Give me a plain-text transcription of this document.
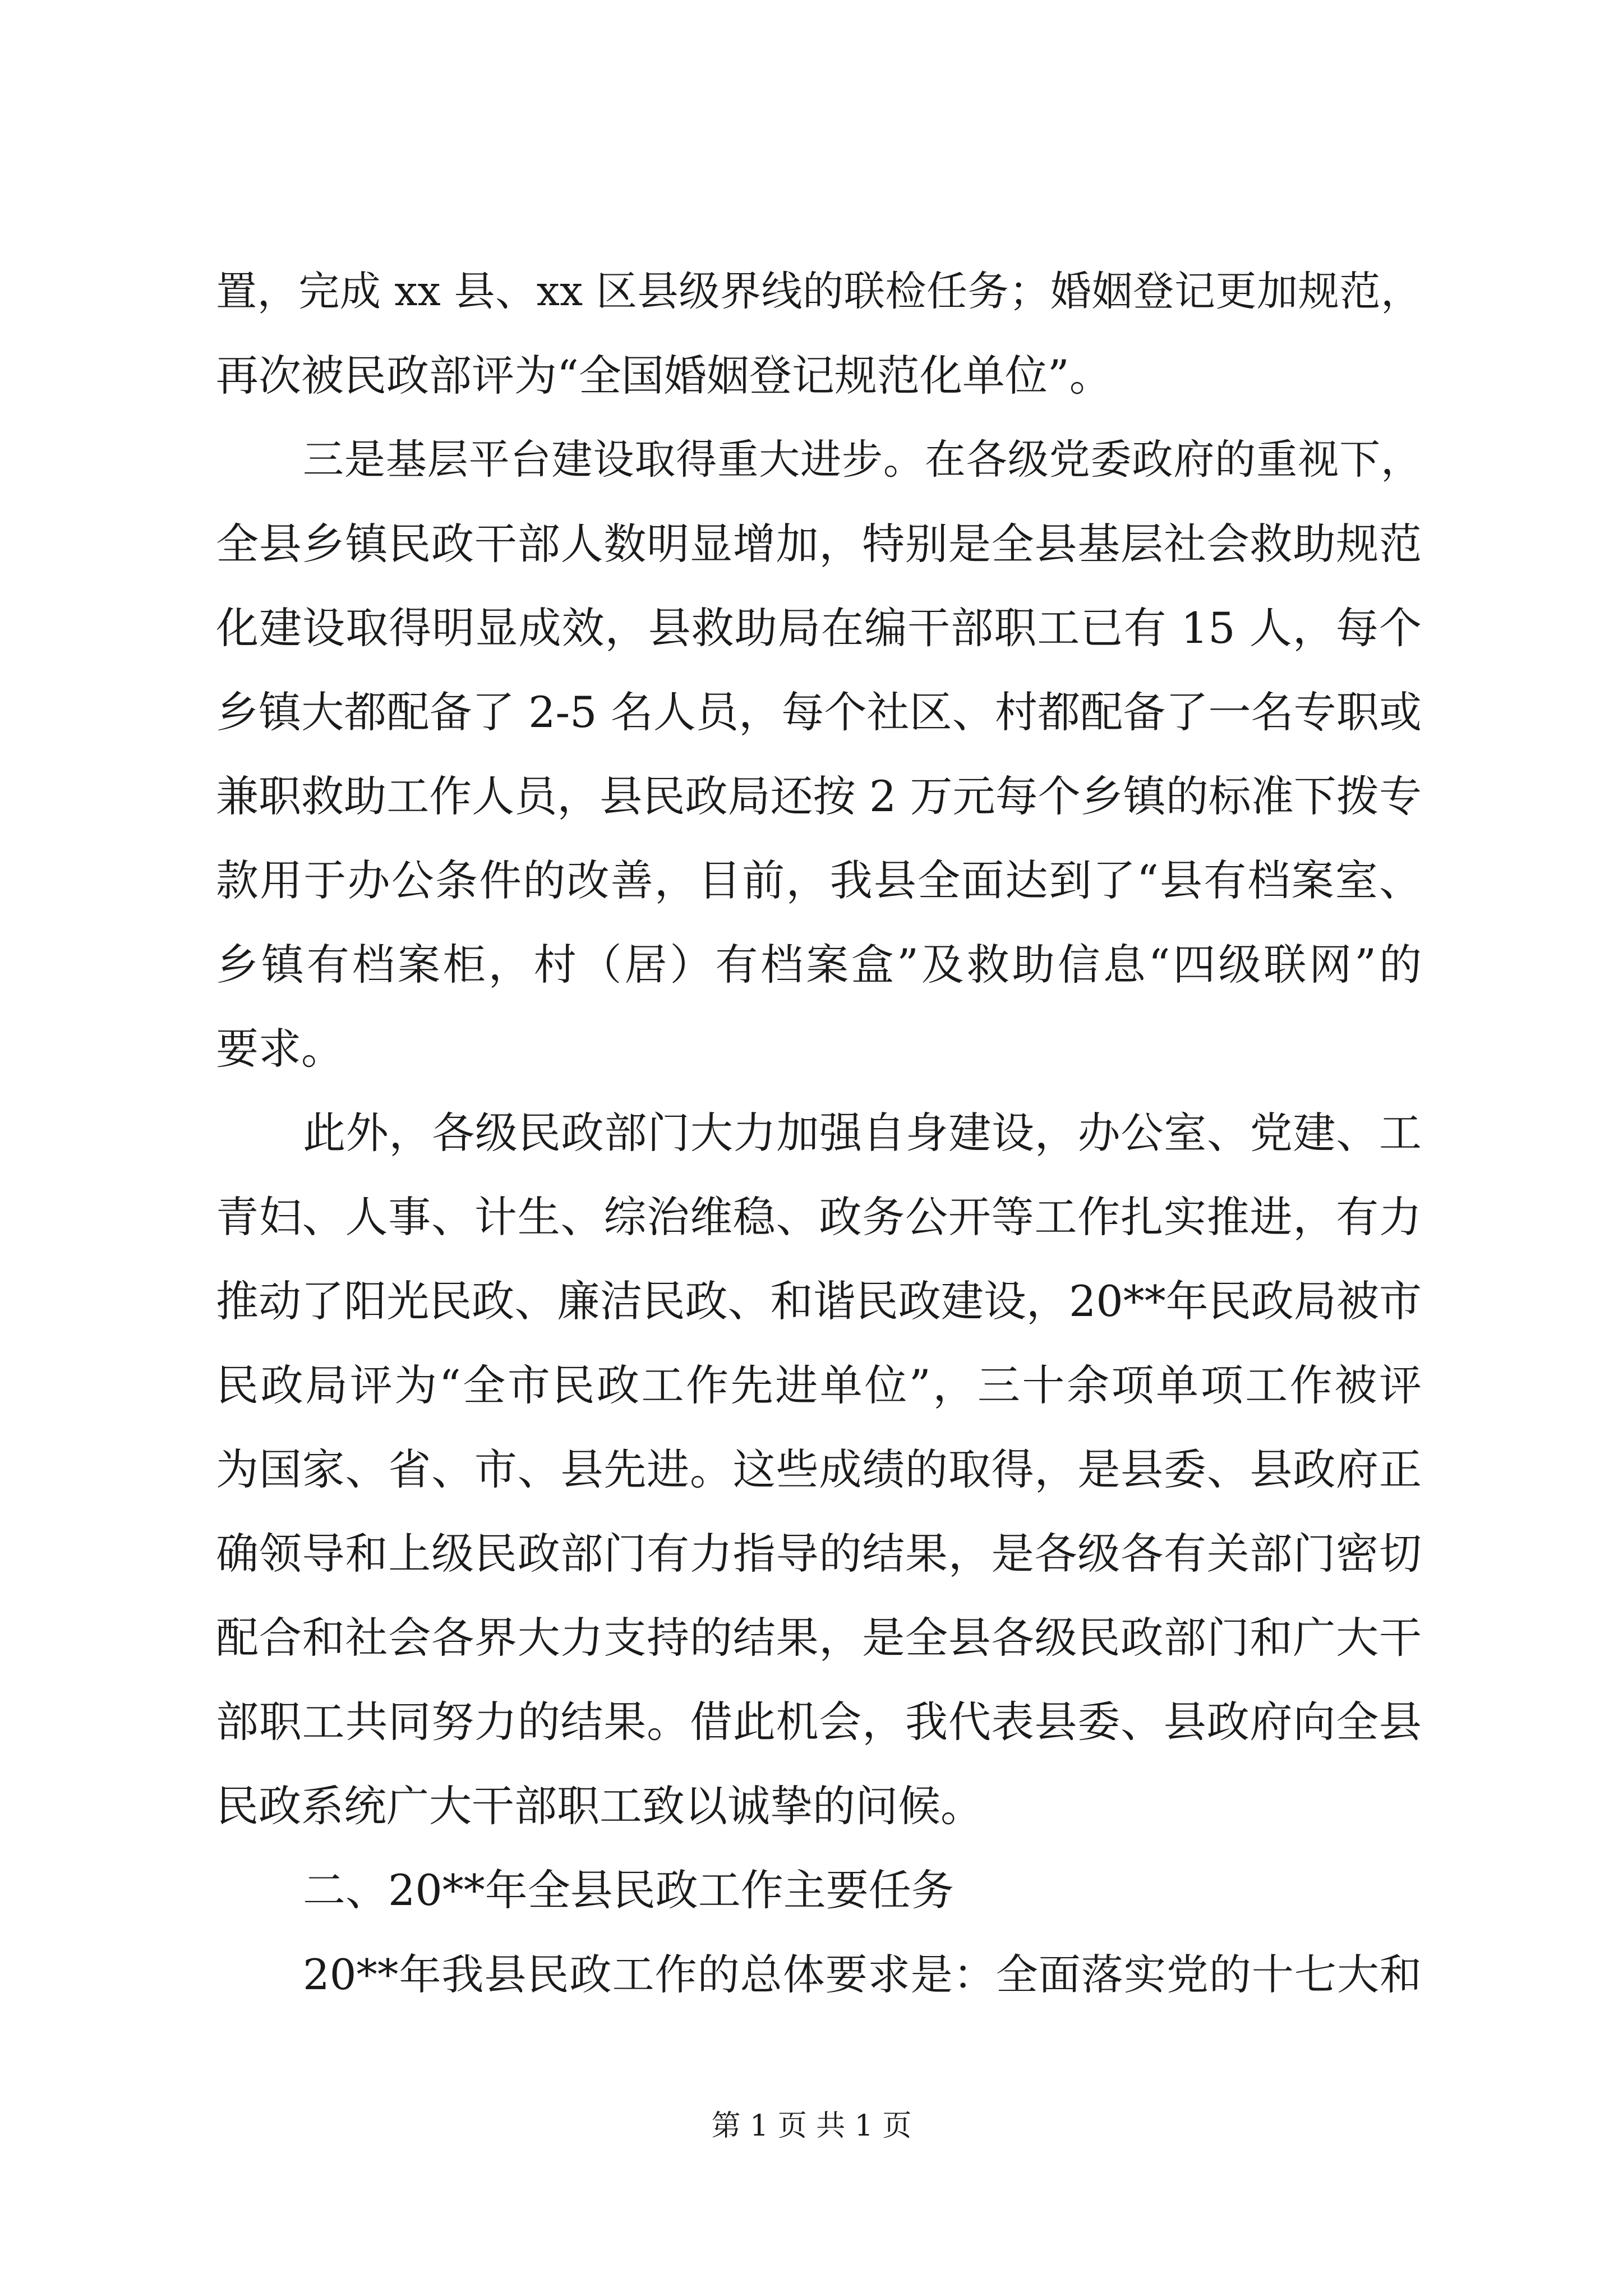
置，完成 xx 县、xx 区县级界线的联检任务；婚姻登记更加规范，
再次被民政部评为“全国婚姻登记规范化单位”。
三是基层平台建设取得重大进步。在各级党委政府的重视下，
全县乡镇民政干部人数明显增加，特别是全县基层社会救助规范
化建设取得明显成效，县救助局在编干部职工已有 15 人，每个
乡镇大都配备了 2-5 名人员，每个社区、村都配备了一名专职或
兼职救助工作人员，县民政局还按 2 万元每个乡镇的标准下拨专
款用于办公条件的改善，目前，我县全面达到了“县有档案室、
乡镇有档案柜，村（居）有档案盒”及救助信息“四级联网”的
要求。
此外，各级民政部门大力加强自身建设，办公室、党建、工
青妇、人事、计生、综治维稳、政务公开等工作扎实推进，有力
推动了阳光民政、廉洁民政、和谐民政建设，20**年民政局被市
民政局评为“全市民政工作先进单位”，三十余项单项工作被评
为国家、省、市、县先进。这些成绩的取得，是县委、县政府正
确领导和上级民政部门有力指导的结果，是各级各有关部门密切
配合和社会各界大力支持的结果，是全县各级民政部门和广大干
部职工共同努力的结果。借此机会，我代表县委、县政府向全县
民政系统广大干部职工致以诚挚的问候。
二、20**年全县民政工作主要任务
20**年我县民政工作的总体要求是：全面落实党的十七大和
第 1 页 共 1 页
